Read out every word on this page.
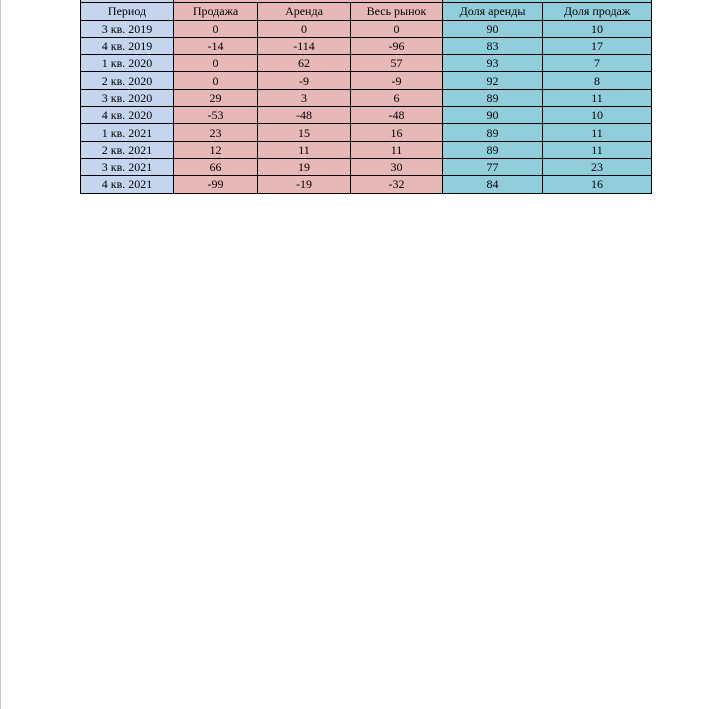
Период	Продажа	Аренда	Весь рынок	Доля аренды	Доля продаж
3 кв. 2019	0	0	0	90	10
4 кв. 2019	-14	-114	-96	83	17
1 кв. 2020	0	62	57	93	7
2 кв. 2020	0	-9	-9	92	8
3 кв. 2020	29	3	6	89	11
4 кв. 2020	-53	-48	-48	90	10
1 кв. 2021	23	15	16	89	11
2 кв. 2021	12	11	11	89	11
3 кв. 2021	66	19	30	77	23
4 кв. 2021	-99	-19	-32	84	16
